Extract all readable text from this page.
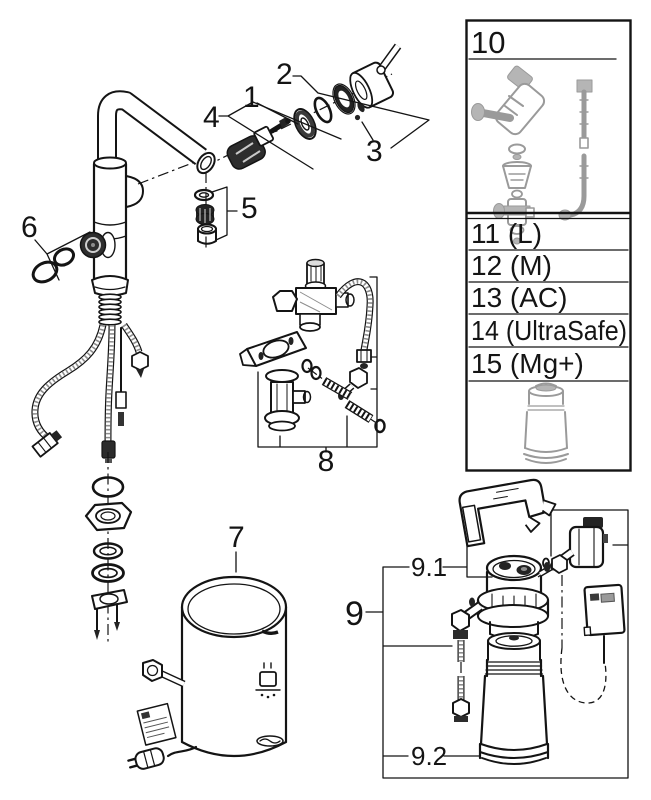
1
2
3
4
5
6
8
7
9
9.1
9.2
10
11 (L)
12 (M)
13 (AC)
14 (UltraSafe)
15 (Mg+)
